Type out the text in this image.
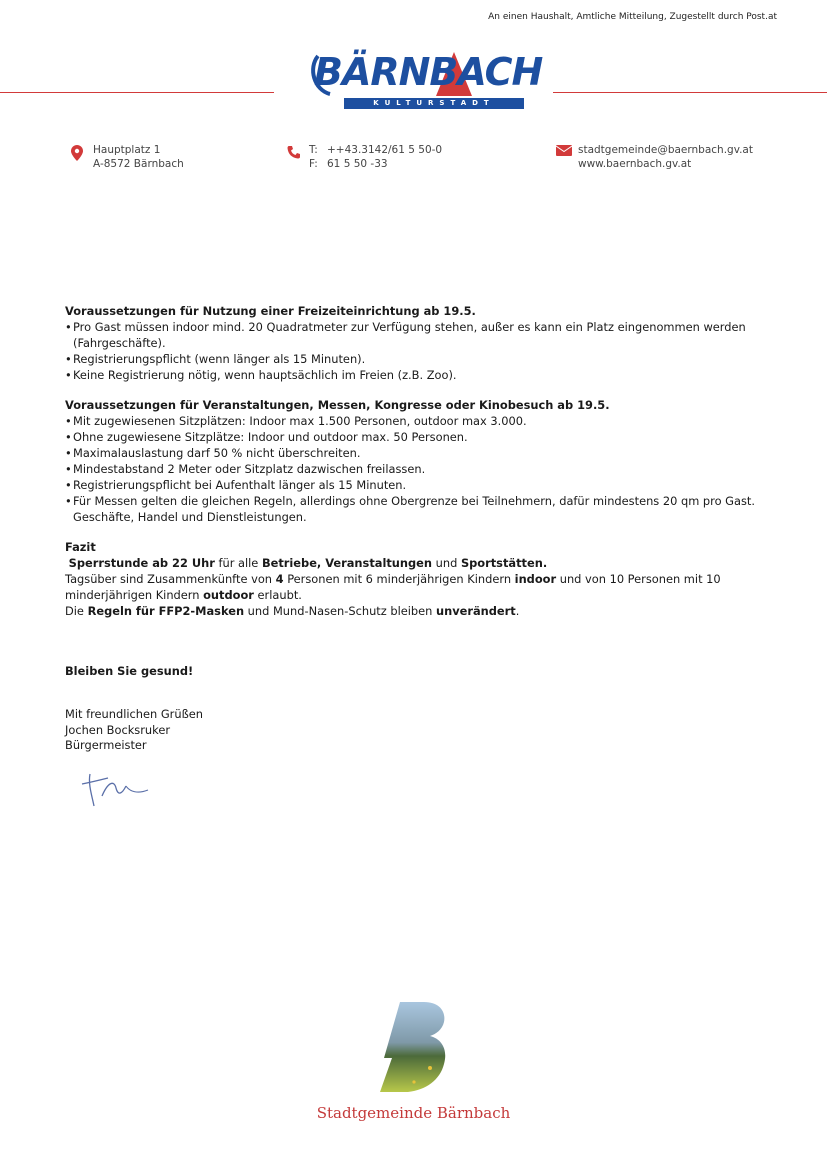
An einen Haushalt, Amtliche Mitteilung, Zugestellt durch Post.at
BÄRNBACH
KULTURSTADT
Hauptplatz 1
A-8572 Bärnbach
T: ++43.3142/61 5 50-0
F: 61 5 50 -33
stadtgemeinde@baernbach.gv.at
www.baernbach.gv.at
Voraussetzungen für Nutzung einer Freizeiteinrichtung ab 19.5.
• Pro Gast müssen indoor mind. 20 Quadratmeter zur Verfügung stehen, außer es kann ein Platz eingenommen werden (Fahrgeschäfte).
• Registrierungspflicht (wenn länger als 15 Minuten).
• Keine Registrierung nötig, wenn hauptsächlich im Freien (z.B. Zoo).
Voraussetzungen für Veranstaltungen, Messen, Kongresse oder Kinobesuch ab 19.5.
• Mit zugewiesenen Sitzplätzen: Indoor max 1.500 Personen, outdoor max 3.000.
• Ohne zugewiesene Sitzplätze: Indoor und outdoor max. 50 Personen.
• Maximalauslastung darf 50 % nicht überschreiten.
• Mindestabstand 2 Meter oder Sitzplatz dazwischen freilassen.
• Registrierungspflicht bei Aufenthalt länger als 15 Minuten.
• Für Messen gelten die gleichen Regeln, allerdings ohne Obergrenze bei Teilnehmern, dafür mindestens 20 qm pro Gast. Geschäfte, Handel und Dienstleistungen.
Fazit

Sperrstunde ab 22 Uhr für alle Betriebe, Veranstaltungen und Sportstätten.

Tagsüber sind Zusammenkünfte von 4 Personen mit 6 minderjährigen Kindern indoor und von 10 Personen mit 10 minderjährigen Kindern outdoor erlaubt.

Die Regeln für FFP2-Masken und Mund-Nasen-Schutz bleiben unverändert.

Bleiben Sie gesund!

Mit freundlichen Grüßen
Jochen Bocksruker
Bürgermeister
Stadtgemeinde Bärnbach
